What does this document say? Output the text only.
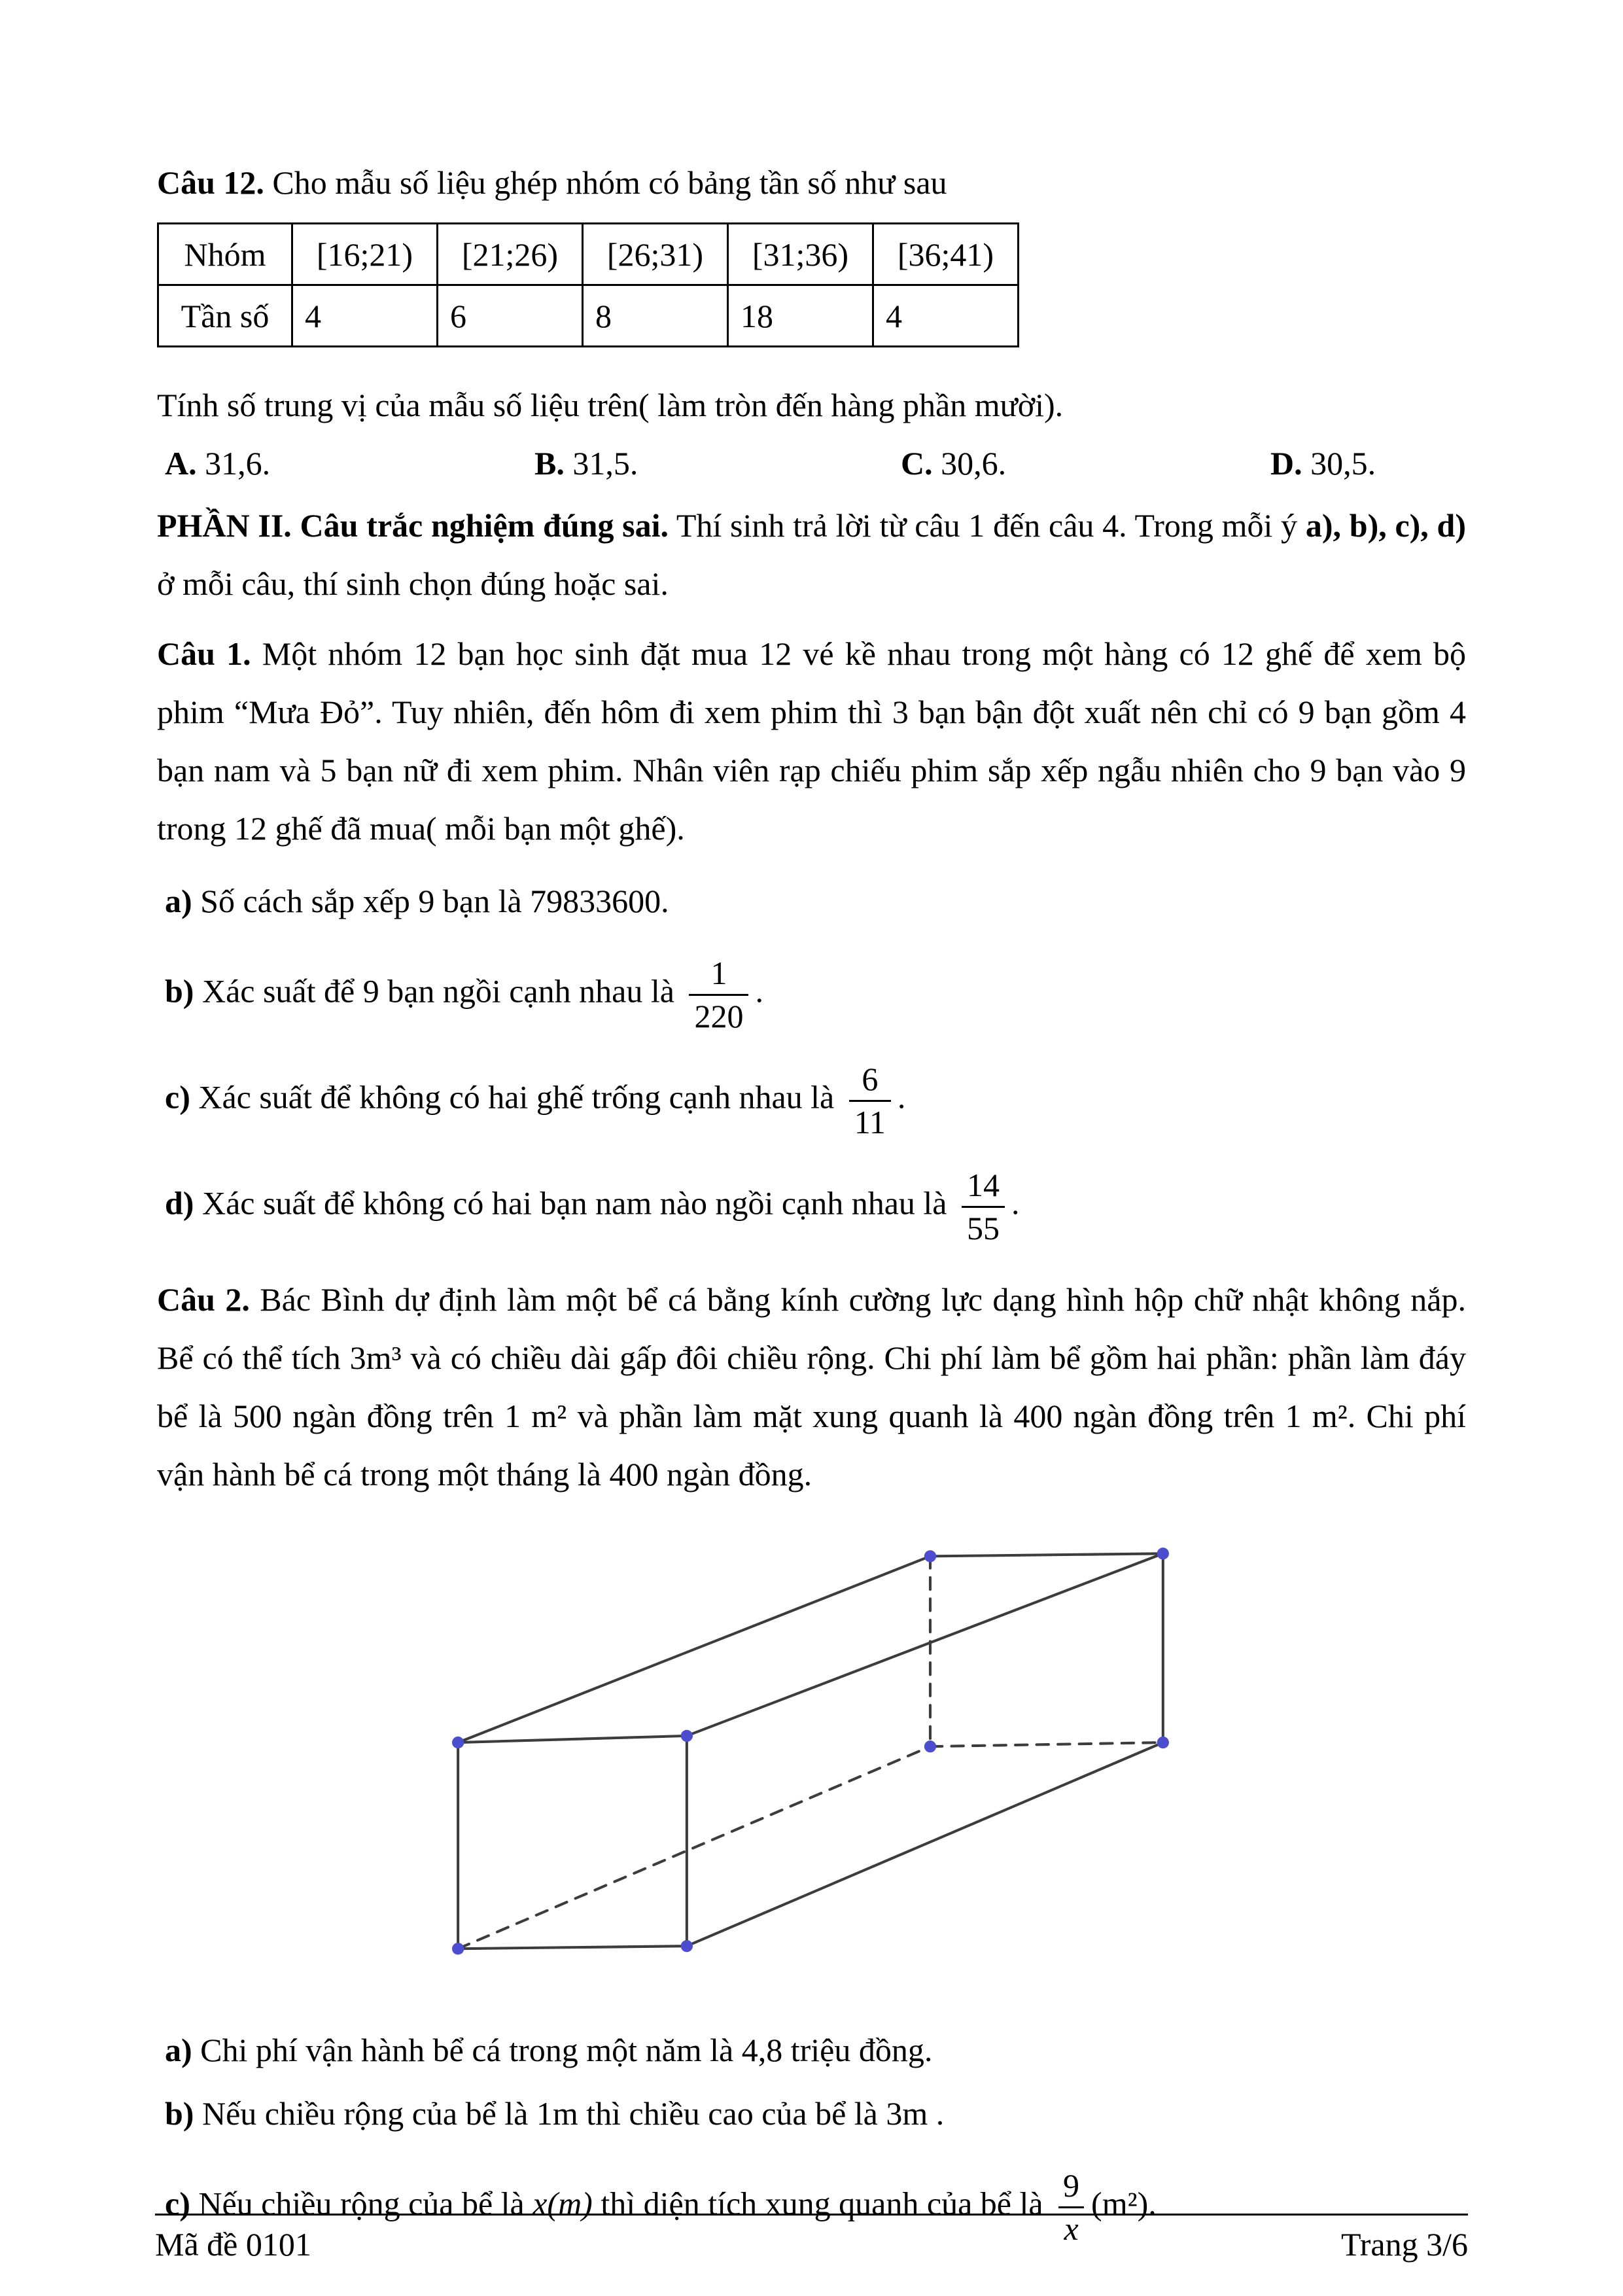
Câu 12. Cho mẫu số liệu ghép nhóm có bảng tần số như sau

Nhóm	[16;21)	[21;26)	[26;31)	[31;36)	[36;41)
Tần số	4	6	8	18	4

Tính số trung vị của mẫu số liệu trên( làm tròn đến hàng phần mười).

A. 31,6.	B. 31,5.	C. 30,6.	D. 30,5.

PHẦN II. Câu trắc nghiệm đúng sai. Thí sinh trả lời từ câu 1 đến câu 4. Trong mỗi ý a), b), c), d) ở mỗi câu, thí sinh chọn đúng hoặc sai.

Câu 1. Một nhóm 12 bạn học sinh đặt mua 12 vé kề nhau trong một hàng có 12 ghế để xem bộ phim “Mưa Đỏ”. Tuy nhiên, đến hôm đi xem phim thì 3 bạn bận đột xuất nên chỉ có 9 bạn gồm 4 bạn nam và 5 bạn nữ đi xem phim. Nhân viên rạp chiếu phim sắp xếp ngẫu nhiên cho 9 bạn vào 9 trong 12 ghế đã mua( mỗi bạn một ghế).

a) Số cách sắp xếp 9 bạn là 79833600.

b) Xác suất để 9 bạn ngồi cạnh nhau là $\frac{1}{220}$ .

c) Xác suất để không có hai ghế trống cạnh nhau là $\frac{6}{11}$ .

d) Xác suất để không có hai bạn nam nào ngồi cạnh nhau là $\frac{14}{55}$ .

Câu 2. Bác Bình dự định làm một bể cá bằng kính cường lực dạng hình hộp chữ nhật không nắp. Bể có thể tích 3m³ và có chiều dài gấp đôi chiều rộng. Chi phí làm bể gồm hai phần: phần làm đáy bể là 500 ngàn đồng trên 1 m² và phần làm mặt xung quanh là 400 ngàn đồng trên 1 m². Chi phí vận hành bể cá trong một tháng là 400 ngàn đồng.

a) Chi phí vận hành bể cá trong một năm là 4,8 triệu đồng.

b) Nếu chiều rộng của bể là 1m thì chiều cao của bể là 3m .

c) Nếu chiều rộng của bể là x(m) thì diện tích xung quanh của bể là $\frac{9}{x} (m^2)$.

Mã đề 0101	Trang 3/6
